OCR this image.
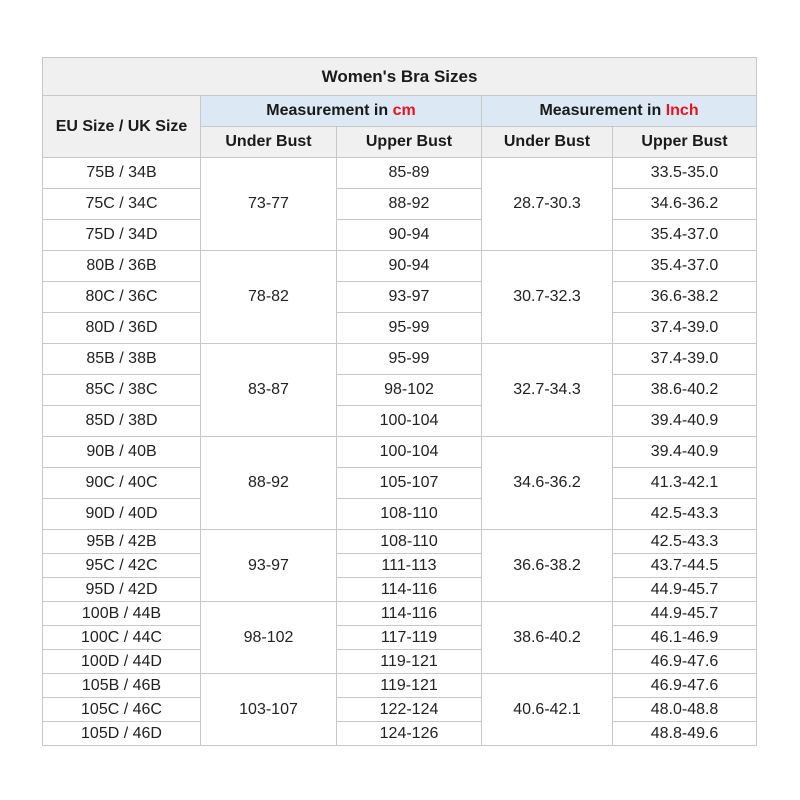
Women's Bra Sizes				
EU Size / UK Size	Measurement in cm		Measurement in Inch	
	Under Bust	Upper Bust	Under Bust	Upper Bust
75B / 34B	73-77	85-89	28.7-30.3	33.5-35.0
75C / 34C		88-92		34.6-36.2
75D / 34D		90-94		35.4-37.0
80B / 36B	78-82	90-94	30.7-32.3	35.4-37.0
80C / 36C		93-97		36.6-38.2
80D / 36D		95-99		37.4-39.0
85B / 38B	83-87	95-99	32.7-34.3	37.4-39.0
85C / 38C		98-102		38.6-40.2
85D / 38D		100-104		39.4-40.9
90B / 40B	88-92	100-104	34.6-36.2	39.4-40.9
90C / 40C		105-107		41.3-42.1
90D / 40D		108-110		42.5-43.3
95B / 42B	93-97	108-110	36.6-38.2	42.5-43.3
95C / 42C		111-113		43.7-44.5
95D / 42D		114-116		44.9-45.7
100B / 44B	98-102	114-116	38.6-40.2	44.9-45.7
100C / 44C		117-119		46.1-46.9
100D / 44D		119-121		46.9-47.6
105B / 46B	103-107	119-121	40.6-42.1	46.9-47.6
105C / 46C		122-124		48.0-48.8
105D / 46D		124-126		48.8-49.6
